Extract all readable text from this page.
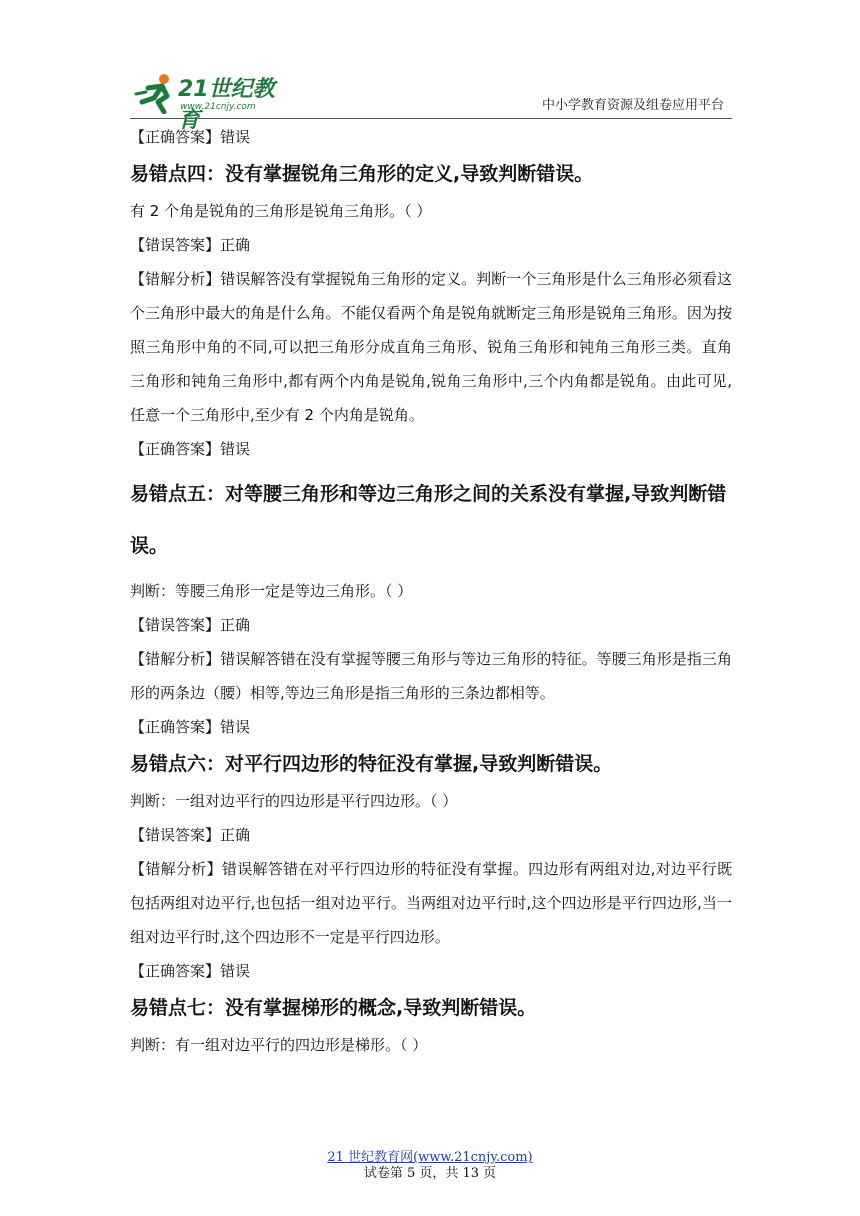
21世纪教育
www.21cnjy.com	中小学教育资源及组卷应用平台
【正确答案】错误
易错点四：没有掌握锐角三角形的定义,导致判断错误。
有 2 个角是锐角的三角形是锐角三角形。（ ）
【错误答案】正确
【错解分析】错误解答没有掌握锐角三角形的定义。判断一个三角形是什么三角形必须看这个三角形中最大的角是什么角。不能仅看两个角是锐角就断定三角形是锐角三角形。因为按照三角形中角的不同,可以把三角形分成直角三角形、锐角三角形和钝角三角形三类。直角三角形和钝角三角形中,都有两个内角是锐角,锐角三角形中,三个内角都是锐角。由此可见,任意一个三角形中,至少有 2 个内角是锐角。
【正确答案】错误
易错点五：对等腰三角形和等边三角形之间的关系没有掌握,导致判断错误。
判断：等腰三角形一定是等边三角形。（ ）
【错误答案】正确
【错解分析】错误解答错在没有掌握等腰三角形与等边三角形的特征。等腰三角形是指三角形的两条边（腰）相等,等边三角形是指三角形的三条边都相等。
【正确答案】错误
易错点六：对平行四边形的特征没有掌握,导致判断错误。
判断：一组对边平行的四边形是平行四边形。（ ）
【错误答案】正确
【错解分析】错误解答错在对平行四边形的特征没有掌握。四边形有两组对边,对边平行既包括两组对边平行,也包括一组对边平行。当两组对边平行时,这个四边形是平行四边形,当一组对边平行时,这个四边形不一定是平行四边形。
【正确答案】错误
易错点七：没有掌握梯形的概念,导致判断错误。
判断：有一组对边平行的四边形是梯形。（ ）
21 世纪教育网(www.21cnjy.com)
试卷第 5 页，共 13 页
